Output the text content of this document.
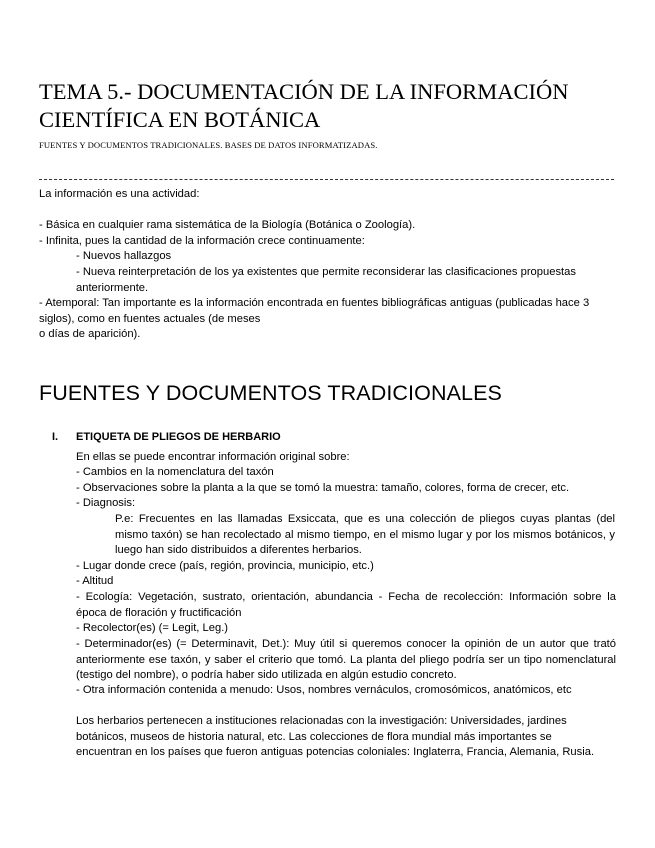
TEMA 5.- DOCUMENTACIÓN DE LA INFORMACIÓN
CIENTÍFICA EN BOTÁNICA

FUENTES Y DOCUMENTOS TRADICIONALES. BASES DE DATOS INFORMATIZADAS.

La información es una actividad:

- Básica en cualquier rama sistemática de la Biología (Botánica o Zoología).

- Infinita, pues la cantidad de la información crece continuamente:

- Nuevos hallazgos

- Nueva reinterpretación de los ya existentes que permite reconsiderar las clasificaciones propuestas anteriormente.

- Atemporal: Tan importante es la información encontrada en fuentes bibliográficas antiguas (publicadas hace 3 siglos), como en fuentes actuales (de meses

o días de aparición).

FUENTES Y DOCUMENTOS TRADICIONALES

I. ETIQUETA DE PLIEGOS DE HERBARIO

En ellas se puede encontrar información original sobre:

- Cambios en la nomenclatura del taxón

- Observaciones sobre la planta a la que se tomó la muestra: tamaño, colores, forma de crecer, etc.

- Diagnosis:

P.e: Frecuentes en las llamadas Exsiccata, que es una colección de pliegos cuyas plantas (del mismo taxón) se han recolectado al mismo tiempo, en el mismo lugar y por los mismos botánicos, y luego han sido distribuidos a diferentes herbarios.

- Lugar donde crece (país, región, provincia, municipio, etc.)

- Altitud

- Ecología: Vegetación, sustrato, orientación, abundancia - Fecha de recolección: Información sobre la época de floración y fructificación

- Recolector(es) (= Legit, Leg.)

- Determinador(es) (= Determinavit, Det.): Muy útil si queremos conocer la opinión de un autor que trató anteriormente ese taxón, y saber el criterio que tomó. La planta del pliego podría ser un tipo nomenclatural (testigo del nombre), o podría haber sido utilizada en algún estudio concreto.

- Otra información contenida a menudo: Usos, nombres vernáculos, cromosómicos, anatómicos, etc

Los herbarios pertenecen a instituciones relacionadas con la investigación: Universidades, jardines botánicos, museos de historia natural, etc. Las colecciones de flora mundial más importantes se encuentran en los países que fueron antiguas potencias coloniales: Inglaterra, Francia, Alemania, Rusia.
